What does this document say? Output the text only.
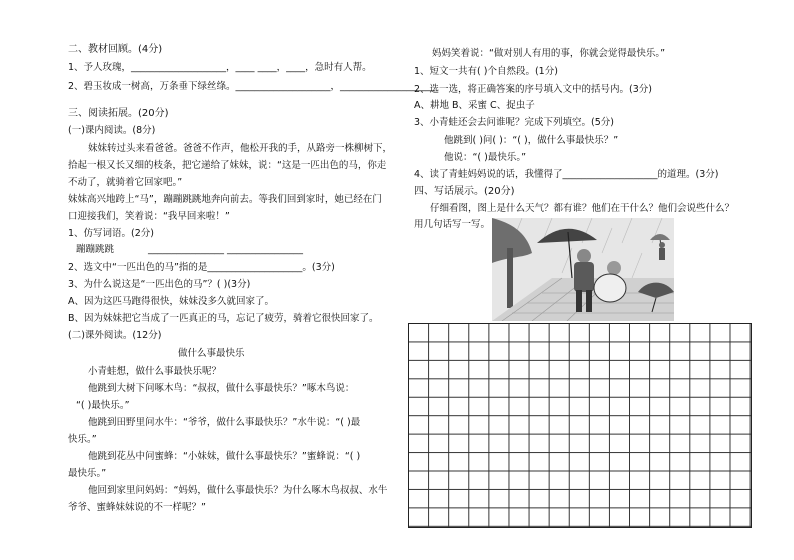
二、教材回顾。(4分)
1、予人玫瑰，____________________，____ ____，____，急时有人帮。
2、碧玉妆成一树高，万条垂下绿丝绦。____________________，____________________
三、阅读拓展。(20分)
(一)课内阅读。(8分)
妹妹转过头来看爸爸。爸爸不作声，他松开我的手，从路旁一株柳树下，
拾起一根又长又细的枝条，把它递给了妹妹，说：“这是一匹出色的马，你走
不动了，就骑着它回家吧。”
妹妹高兴地跨上“马”，蹦蹦跳跳地奔向前去。等我们回到家时，她已经在门
口迎接我们，笑着说：“我早回来啦！”
1、仿写词语。(2分)
蹦蹦跳跳	________________ ________________
2、选文中“一匹出色的马”指的是____________________。(3分)
3、为什么说这是“一匹出色的马”？( )(3分)
A、因为这匹马跑得很快，妹妹没多久就回家了。
B、因为妹妹把它当成了一匹真正的马，忘记了疲劳，骑着它很快回家了。
(二)课外阅读。(12分)
做什么事最快乐
小青蛙想，做什么事最快乐呢？
他跳到大树下问啄木鸟：“叔叔，做什么事最快乐？”啄木鸟说：
“( )最快乐。”
他跳到田野里问水牛：“爷爷，做什么事最快乐？”水牛说：“( )最
快乐。”
他跳到花丛中问蜜蜂：“小妹妹，做什么事最快乐？”蜜蜂说：“( )
最快乐。”
他回到家里问妈妈：“妈妈，做什么事最快乐？为什么啄木鸟叔叔、水牛
爷爷、蜜蜂妹妹说的不一样呢？”
妈妈笑着说：“做对别人有用的事，你就会觉得最快乐。”
1、短文一共有( )个自然段。(1分)
2、选一选，将正确答案的序号填入文中的括号内。(3分)
A、耕地 B、采蜜 C、捉虫子
3、小青蛙还会去问谁呢？完成下列填空。(5分)
他跳到( )问( )：“( )，做什么事最快乐？”
他说：“( )最快乐。”
4、读了青蛙妈妈说的话，我懂得了____________________的道理。(3分)
四、写话展示。(20分)
仔细看图，图上是什么天气？都有谁？他们在干什么？他们会说些什么？
用几句话写一写。
